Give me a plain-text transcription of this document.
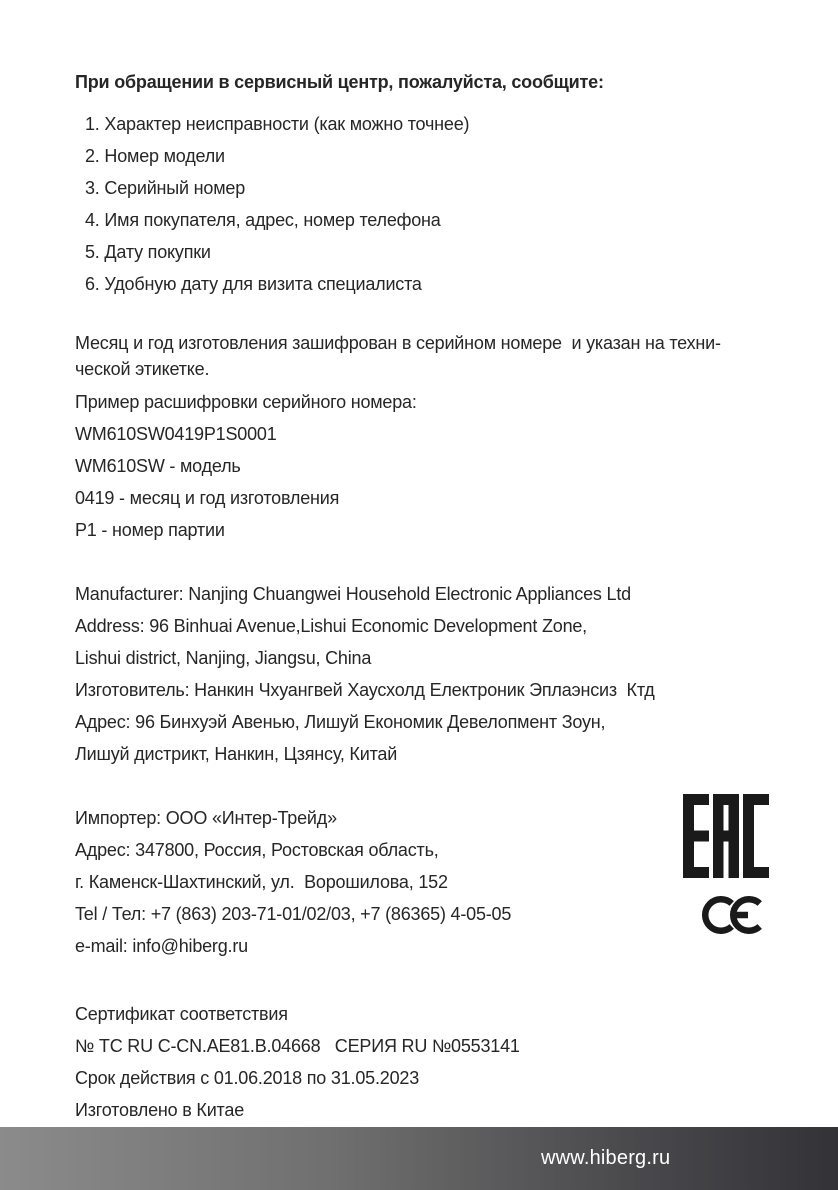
При обращении в сервисный центр, пожалуйста, сообщите:
1. Характер неисправности (как можно точнее)
2. Номер модели
3. Серийный номер
4. Имя покупателя, адрес, номер телефона
5. Дату покупки
6. Удобную дату для визита специалиста
Месяц и год изготовления зашифрован в серийном номере  и указан на техни-
ческой этикетке.
Пример расшифровки серийного номера:
WM610SW0419P1S0001
WM610SW - модель
0419 - месяц и год изготовления
P1 - номер партии
Manufacturer: Nanjing Chuangwei Household Electronic Appliances Ltd
Address: 96 Binhuai Avenue,Lishui Economic Development Zone,
Lishui district, Nanjing, Jiangsu, China
Изготовитель: Нанкин Чхуангвей Хаусхолд Електроник Эплаэнсиз  Ктд
Адрес: 96 Бинхуэй Авенью, Лишуй Економик Девелопмент Зоун,
Лишуй дистрикт, Нанкин, Цзянсу, Китай
Импортер: ООО «Интер-Трейд»
Адрес: 347800, Россия, Ростовская область,
г. Каменск-Шахтинский, ул.  Ворошилова, 152
Tel / Тел: +7 (863) 203-71-01/02/03, +7 (86365) 4-05-05
e-mail: info@hiberg.ru
Сертификат соответствия
№ ТС RU C-CN.AE81.B.04668   СЕРИЯ RU №0553141
Срок действия с 01.06.2018 по 31.05.2023
Изготовлено в Китае
www.hiberg.ru
